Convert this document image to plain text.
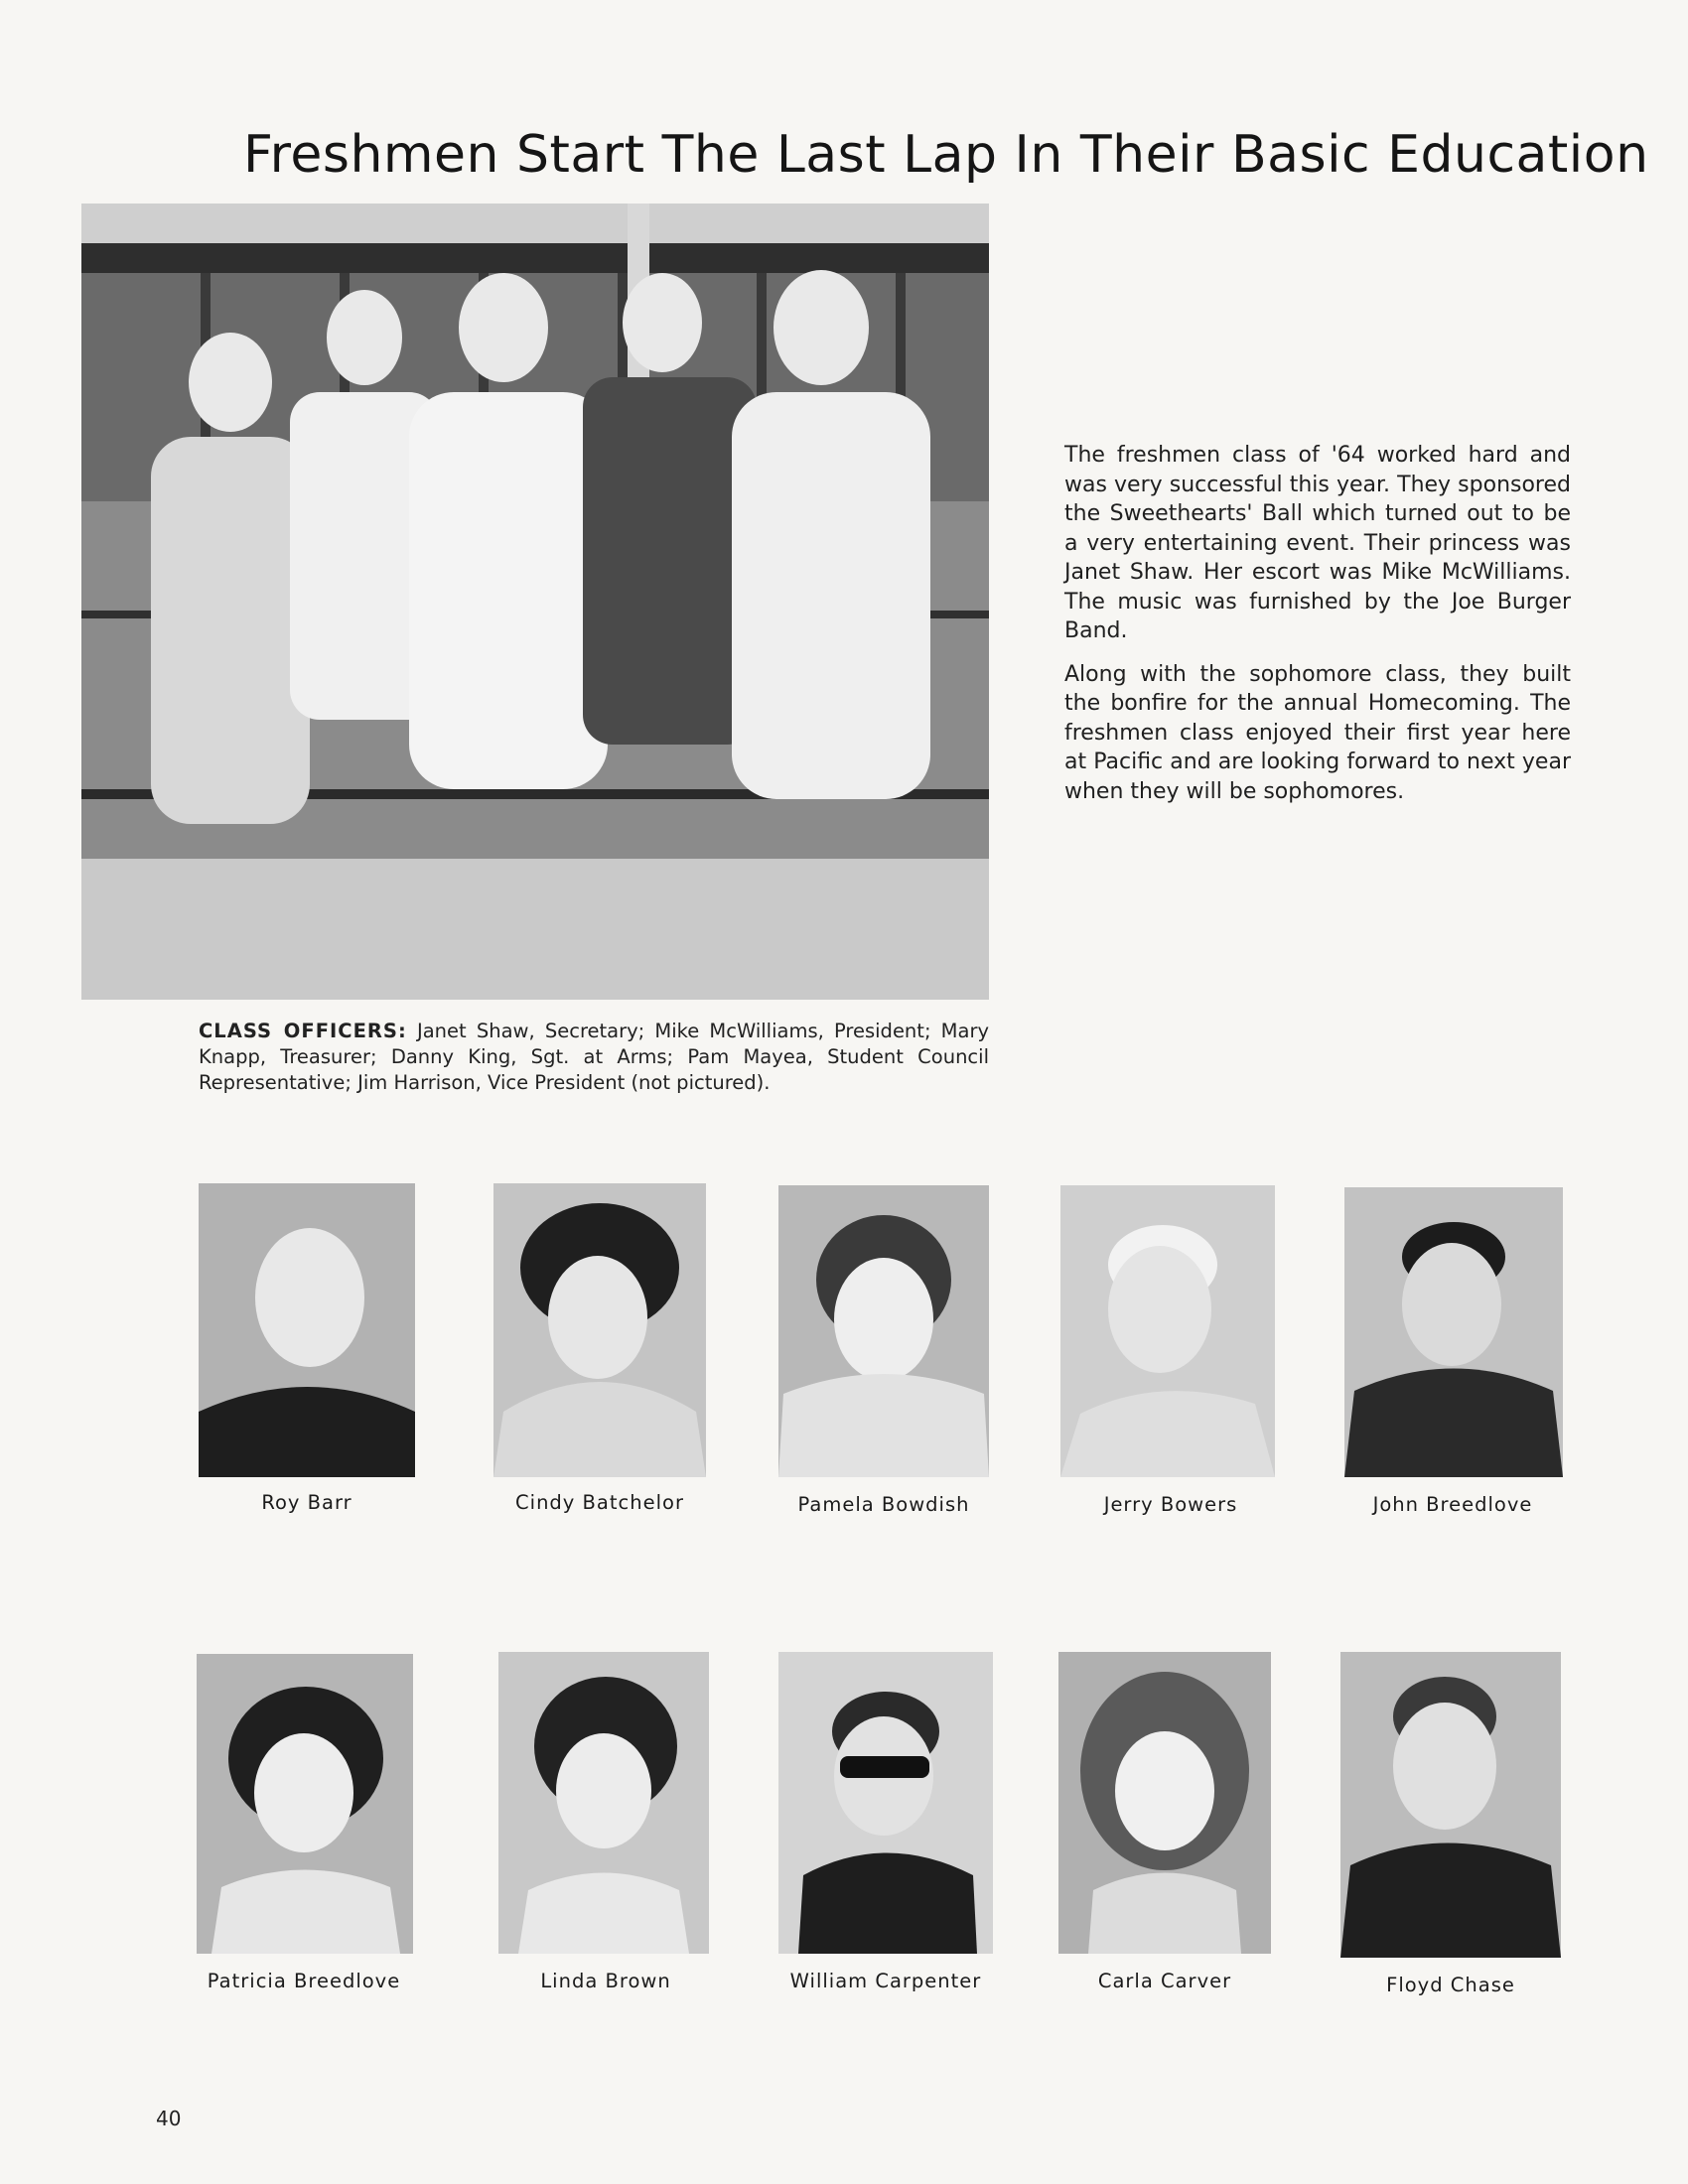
Freshmen Start The Last Lap In Their Basic Education

The freshmen class of '64 worked hard and was very successful this year. They sponsored the Sweethearts' Ball which turned out to be a very entertaining event. Their princess was Janet Shaw. Her escort was Mike McWilliams. The music was furnished by the Joe Burger Band.

Along with the sophomore class, they built the bonfire for the annual Homecoming. The freshmen class enjoyed their first year here at Pacific and are looking forward to next year when they will be sophomores.

CLASS OFFICERS: Janet Shaw, Secretary; Mike McWilliams, President; Mary Knapp, Treasurer; Danny King, Sgt. at Arms; Pam Mayea, Student Council Representative; Jim Harrison, Vice President (not pictured).
Roy Barr	Cindy Batchelor	Pamela Bowdish	Jerry Bowers	John Breedlove
Patricia Breedlove	Linda Brown	William Carpenter	Carla Carver	Floyd Chase
40
